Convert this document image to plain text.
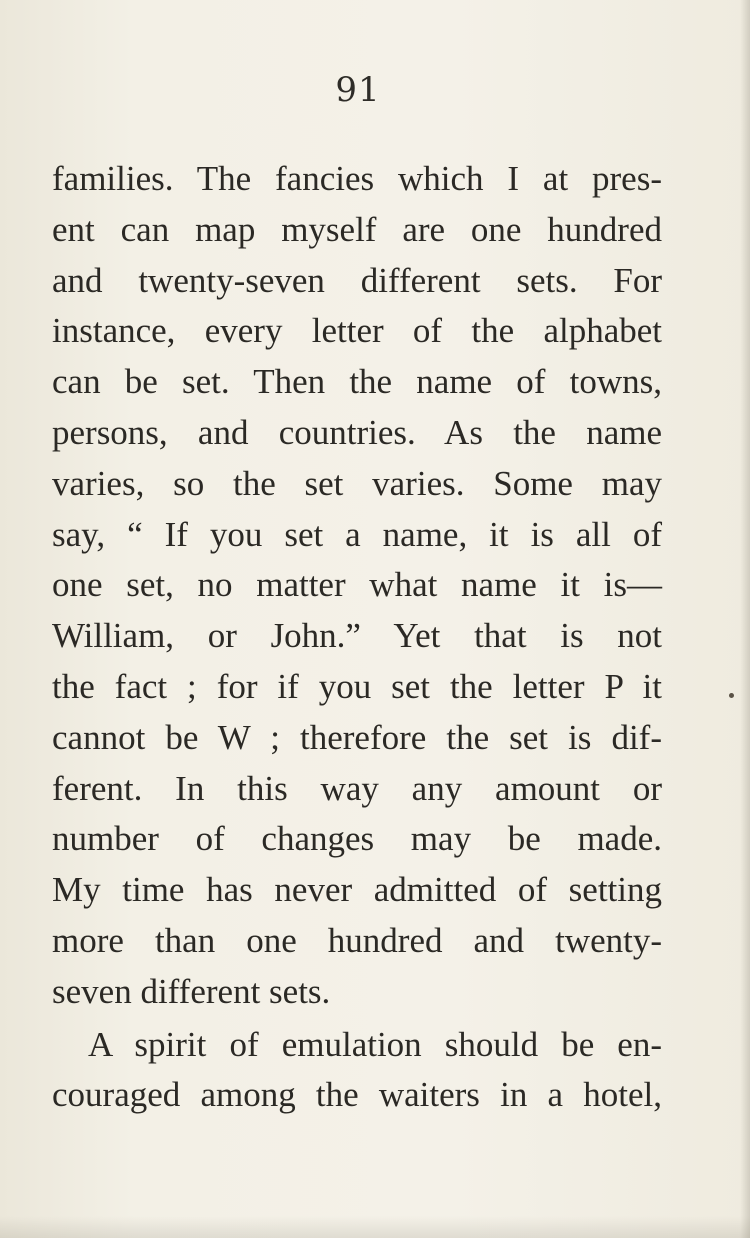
91
families. The fancies which I at pres-
ent can map myself are one hundred
and twenty-seven different sets. For
instance, every letter of the alphabet
can be set. Then the name of towns,
persons, and countries. As the name
varies, so the set varies. Some may
say, “ If you set a name, it is all of
one set, no matter what name it is—
William, or John.” Yet that is not
the fact ; for if you set the letter P it
cannot be W ; therefore the set is dif-
ferent. In this way any amount or
number of changes may be made.
My time has never admitted of setting
more than one hundred and twenty-
seven different sets.
A spirit of emulation should be en-
couraged among the waiters in a hotel,
